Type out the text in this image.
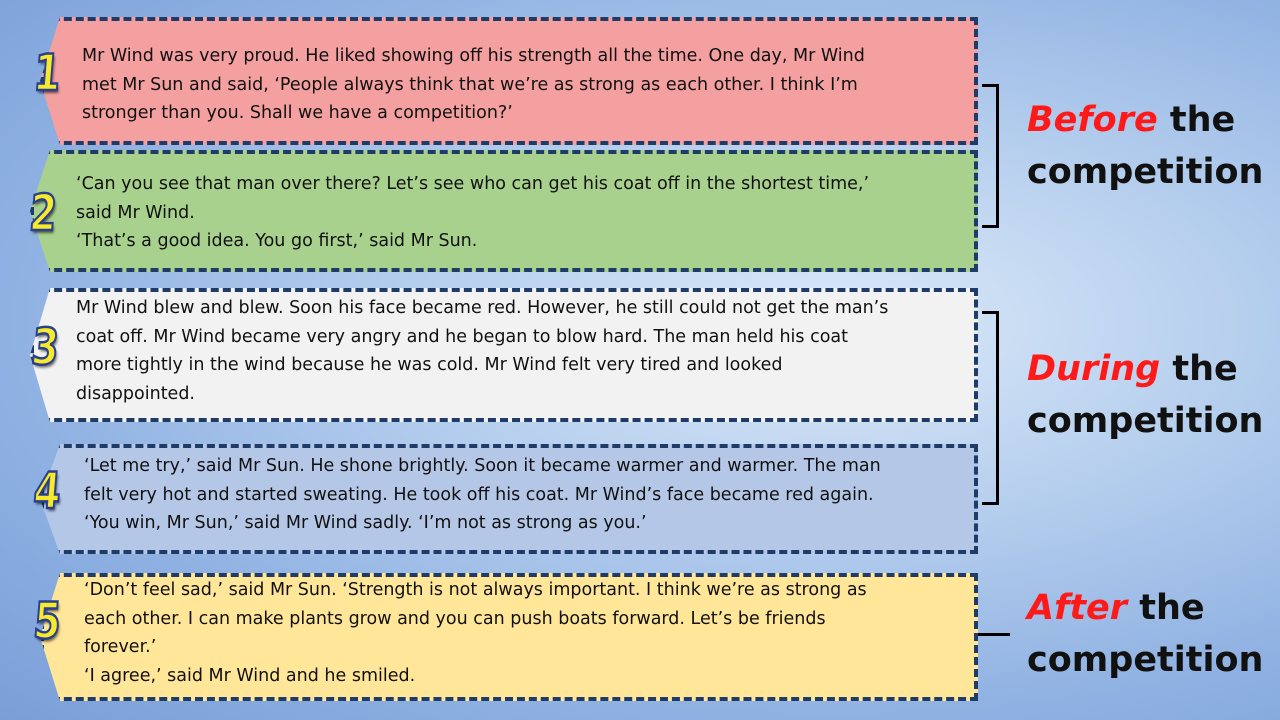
Mr Wind was very proud. He liked showing off his strength all the time. One day, Mr Wind

met Mr Sun and said, ‘People always think that we’re as strong as each other. I think I’m

stronger than you. Shall we have a competition?’

‘Can you see that man over there? Let’s see who can get his coat off in the shortest time,’

said Mr Wind.

‘That’s a good idea. You go first,’ said Mr Sun.

Mr Wind blew and blew. Soon his face became red. However, he still could not get the man’s

coat off. Mr Wind became very angry and he began to blow hard. The man held his coat

more tightly in the wind because he was cold. Mr Wind felt very tired and looked

disappointed.

‘Let me try,’ said Mr Sun. He shone brightly. Soon it became warmer and warmer. The man

felt very hot and started sweating. He took off his coat. Mr Wind’s face became red again.

‘You win, Mr Sun,’ said Mr Wind sadly. ‘I’m not as strong as you.’

‘Don’t feel sad,’ said Mr Sun. ‘Strength is not always important. I think we’re as strong as

each other. I can make plants grow and you can push boats forward. Let’s be friends

forever.’

‘I agree,’ said Mr Wind and he smiled.

1
2
3
4
5
Before the
competition
During the
competition
After the
competition
